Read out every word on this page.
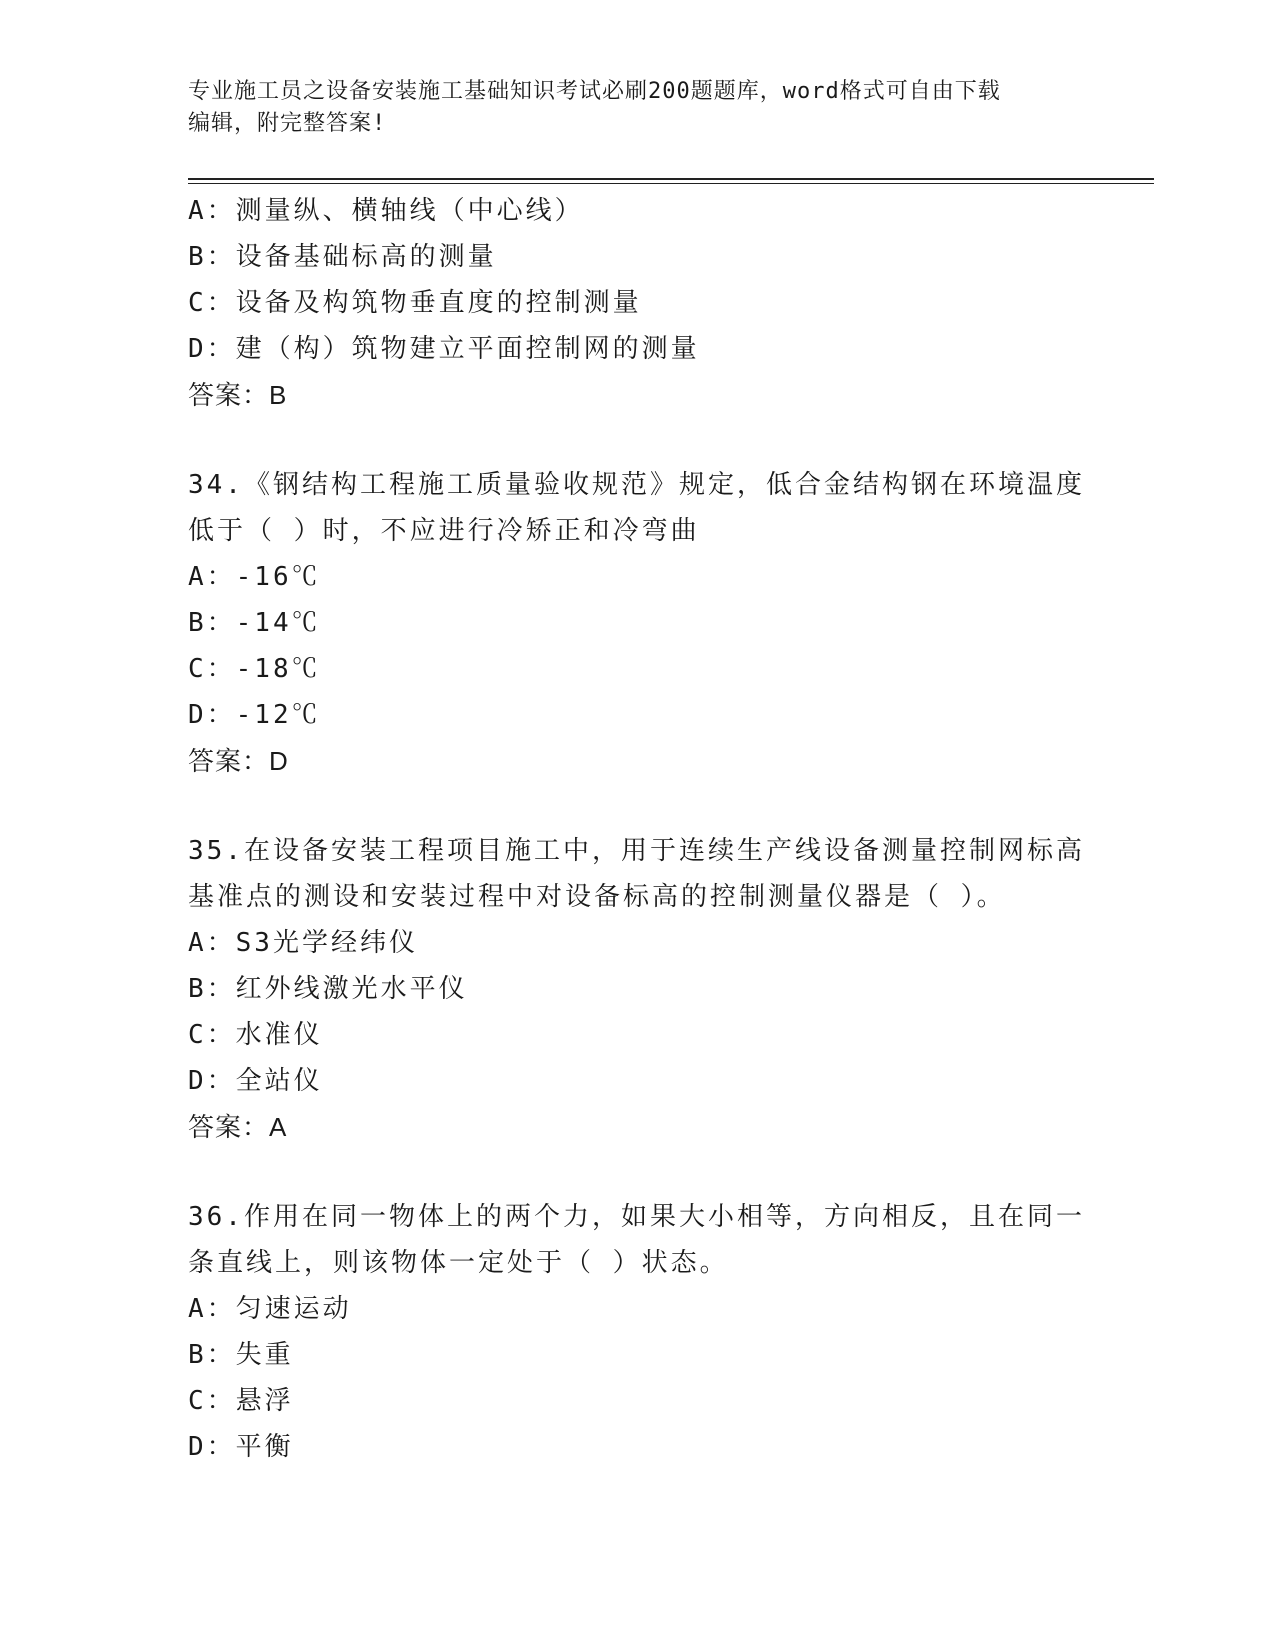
专业施工员之设备安装施工基础知识考试必刷200题题库，word格式可自由下载
编辑，附完整答案!
A：测量纵、横轴线（中心线）
B：设备基础标高的测量
C：设备及构筑物垂直度的控制测量
D：建（构）筑物建立平面控制网的测量
答案：B
34.《钢结构工程施工质量验收规范》规定，低合金结构钢在环境温度
低于（ ）时，不应进行冷矫正和冷弯曲
A：-16℃
B：-14℃
C：-18℃
D：-12℃
答案：D
35.在设备安装工程项目施工中，用于连续生产线设备测量控制网标高
基准点的测设和安装过程中对设备标高的控制测量仪器是（ ）。
A：S3光学经纬仪
B：红外线激光水平仪
C：水准仪
D：全站仪
答案：A
36.作用在同一物体上的两个力，如果大小相等，方向相反，且在同一
条直线上，则该物体一定处于（ ）状态。
A：匀速运动
B：失重
C：悬浮
D：平衡
